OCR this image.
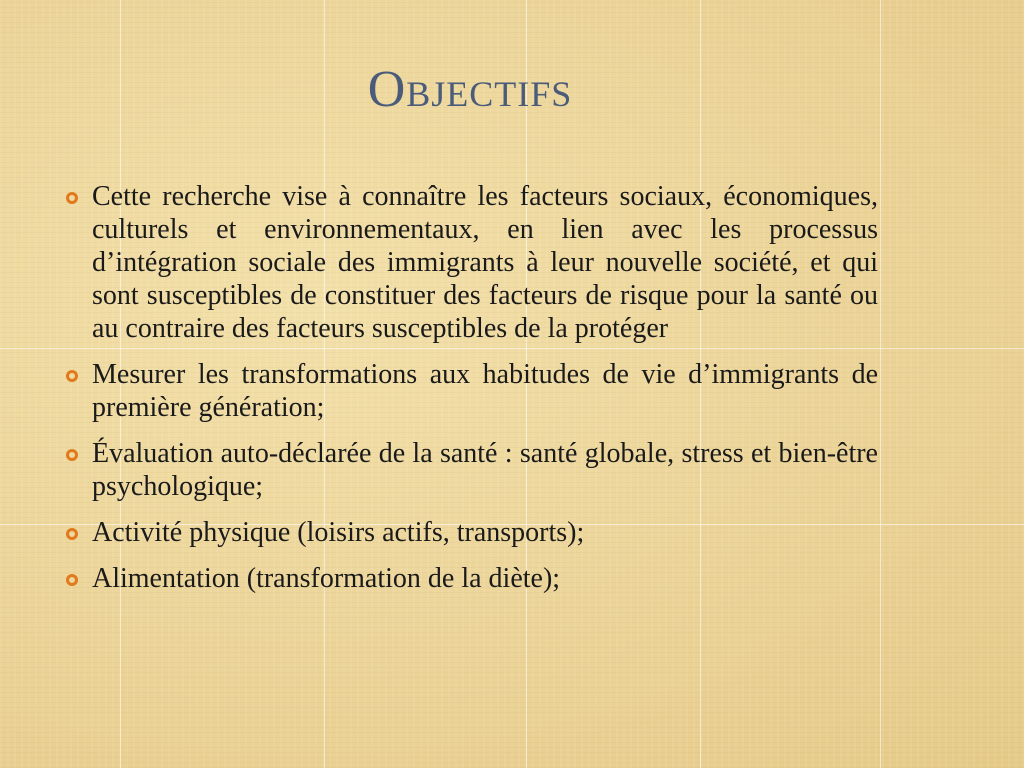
Objectifs
Cette recherche vise à connaître les facteurs sociaux, économiques, culturels et environnementaux, en lien avec les processus d’intégration sociale des immigrants à leur nouvelle société, et qui sont susceptibles de constituer des facteurs de risque pour la santé ou au contraire des facteurs susceptibles de la protéger
Mesurer les transformations aux habitudes de vie d’immigrants de première génération;
Évaluation auto-déclarée de la santé : santé globale, stress et bien-être psychologique;
Activité physique (loisirs actifs, transports);
Alimentation (transformation de la diète);
